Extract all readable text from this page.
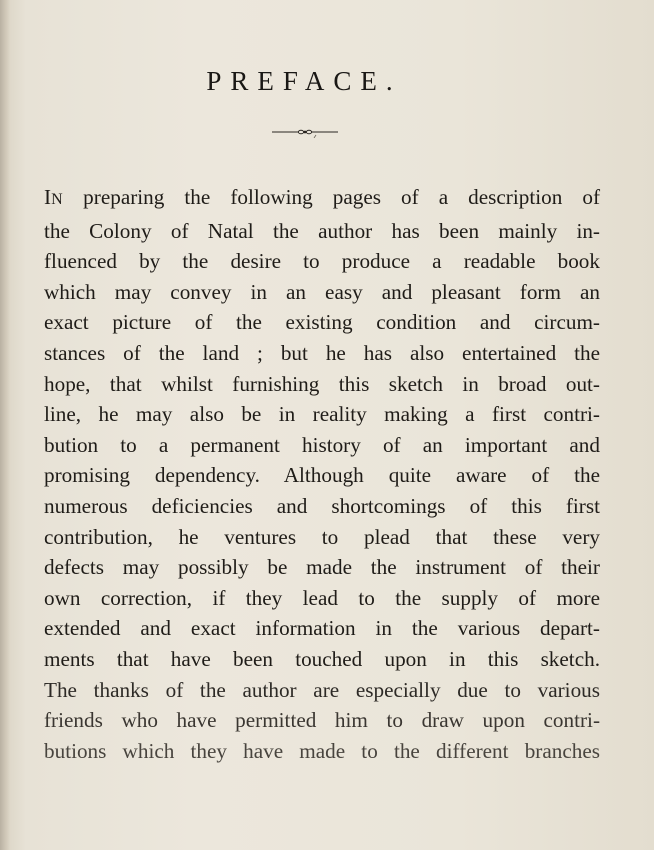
PREFACE.
IN preparing the following pages of a description of
the Colony of Natal the author has been mainly in-
fluenced by the desire to produce a readable book
which may convey in an easy and pleasant form an
exact picture of the existing condition and circum-
stances of the land ; but he has also entertained the
hope, that whilst furnishing this sketch in broad out-
line, he may also be in reality making a first contri-
bution to a permanent history of an important and
promising dependency. Although quite aware of the
numerous deficiencies and shortcomings of this first
contribution, he ventures to plead that these very
defects may possibly be made the instrument of their
own correction, if they lead to the supply of more
extended and exact information in the various depart-
ments that have been touched upon in this sketch.
The thanks of the author are especially due to various
friends who have permitted him to draw upon contri-
butions which they have made to the different branches
